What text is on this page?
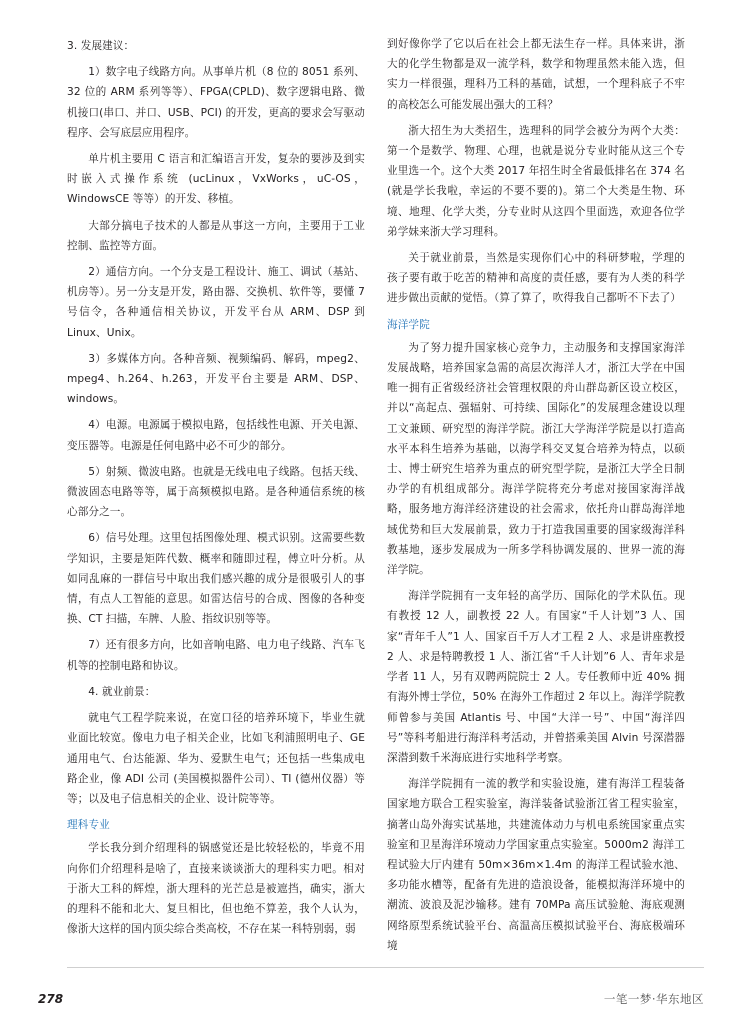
3. 发展建议：

1）数字电子线路方向。从事单片机（8 位的 8051 系列、32 位的 ARM 系列等等）、FPGA(CPLD)、数字逻辑电路、微机接口(串口、并口、USB、PCI) 的开发，更高的要求会写驱动程序、会写底层应用程序。

单片机主要用 C 语言和汇编语言开发，复杂的要涉及到实时嵌入式操作系统 (ucLinux，VxWorks，uC-OS，WindowsCE 等等）的开发、移植。

大部分搞电子技术的人都是从事这一方向，主要用于工业控制、监控等方面。

2）通信方向。一个分支是工程设计、施工、调试（基站、机房等）。另一分支是开发，路由器、交换机、软件等，要懂 7 号信令，各种通信相关协议，开发平台从 ARM、DSP 到 Linux、Unix。

3）多媒体方向。各种音频、视频编码、解码，mpeg2、mpeg4、h.264、h.263，开发平台主要是 ARM、DSP、windows。

4）电源。电源属于模拟电路，包括线性电源、开关电源、变压器等。电源是任何电路中必不可少的部分。

5）射频、微波电路。也就是无线电电子线路。包括天线、微波固态电路等等，属于高频模拟电路。是各种通信系统的核心部分之一。

6）信号处理。这里包括图像处理、模式识别。这需要些数学知识，主要是矩阵代数、概率和随即过程，傅立叶分析。从如同乱麻的一群信号中取出我们感兴趣的成分是很吸引人的事情，有点人工智能的意思。如雷达信号的合成、图像的各种变换、CT 扫描，车牌、人脸、指纹识别等等。

7）还有很多方向，比如音响电路、电力电子线路、汽车飞机等的控制电路和协议。

4. 就业前景：

就电气工程学院来说，在宽口径的培养环境下，毕业生就业面比较宽。像电力电子相关企业，比如飞利浦照明电子、GE 通用电气、台达能源、华为、爱默生电气；还包括一些集成电路企业，像 ADI 公司 (美国模拟器件公司）、TI (德州仪器）等等；以及电子信息相关的企业、设计院等等。

理科专业

学长我分到介绍理科的锅感觉还是比较轻松的，毕竟不用向你们介绍理科是啥了，直接来谈谈浙大的理科实力吧。相对于浙大工科的辉煌，浙大理科的光芒总是被遮挡，确实，浙大的理科不能和北大、复旦相比，但也绝不算差，我个人认为，像浙大这样的国内顶尖综合类高校，不存在某一科特别弱，弱

到好像你学了它以后在社会上都无法生存一样。具体来讲，浙大的化学生物都是双一流学科，数学和物理虽然未能入选，但实力一样很强，理科乃工科的基础，试想，一个理科底子不牢的高校怎么可能发展出强大的工科？

浙大招生为大类招生，选理科的同学会被分为两个大类：第一个是数学、物理、心理，也就是说分专业时能从这三个专业里选一个。这个大类 2017 年招生时全省最低排名在 374 名 (就是学长我啦，幸运的不要不要的)。第二个大类是生物、环境、地理、化学大类，分专业时从这四个里面选，欢迎各位学弟学妹来浙大学习理科。

关于就业前景，当然是实现你们心中的科研梦啦，学理的孩子要有敢于吃苦的精神和高度的责任感，要有为人类的科学进步做出贡献的觉悟。（算了算了，吹得我自己都听不下去了）

海洋学院

为了努力提升国家核心竞争力，主动服务和支撑国家海洋发展战略，培养国家急需的高层次海洋人才，浙江大学在中国唯一拥有正省级经济社会管理权限的舟山群岛新区设立校区，并以“高起点、强辐射、可持续、国际化”的发展理念建设以理工文兼顾、研究型的海洋学院。浙江大学海洋学院是以打造高水平本科生培养为基础，以海学科交叉复合培养为特点，以硕士、博士研究生培养为重点的研究型学院，是浙江大学全日制办学的有机组成部分。海洋学院将充分考虑对接国家海洋战略，服务地方海洋经济建设的社会需求，依托舟山群岛海洋地域优势和巨大发展前景，致力于打造我国重要的国家级海洋科教基地，逐步发展成为一所多学科协调发展的、世界一流的海洋学院。

海洋学院拥有一支年轻的高学历、国际化的学术队伍。现有教授 12 人，副教授 22 人。有国家“千人计划”3 人、国家“青年千人”1 人、国家百千万人才工程 2 人、求是讲座教授 2 人、求是特聘教授 1 人、浙江省“千人计划”6 人、青年求是学者 11 人，另有双聘两院院士 2 人。专任教师中近 40% 拥有海外博士学位，50% 在海外工作超过 2 年以上。海洋学院教师曾参与美国 Atlantis 号、中国“大洋一号”、中国“海洋四号”等科考船进行海洋科考活动，并曾搭乘美国 Alvin 号深潜器深潜到数千米海底进行实地科学考察。

海洋学院拥有一流的教学和实验设施，建有海洋工程装备国家地方联合工程实验室，海洋装备试验浙江省工程实验室，摘著山岛外海实试基地，共建流体动力与机电系统国家重点实验室和卫星海洋环境动力学国家重点实验室。5000m2 海洋工程试验大厅内建有 50m×36m×1.4m 的海洋工程试验水池、多功能水槽等，配备有先进的造浪设备，能模拟海洋环境中的潮流、波浪及泥沙输移。建有 70MPa 高压试验舱、海底观测网络原型系统试验平台、高温高压模拟试验平台、海底极端环境

278	一笔一梦·华东地区
